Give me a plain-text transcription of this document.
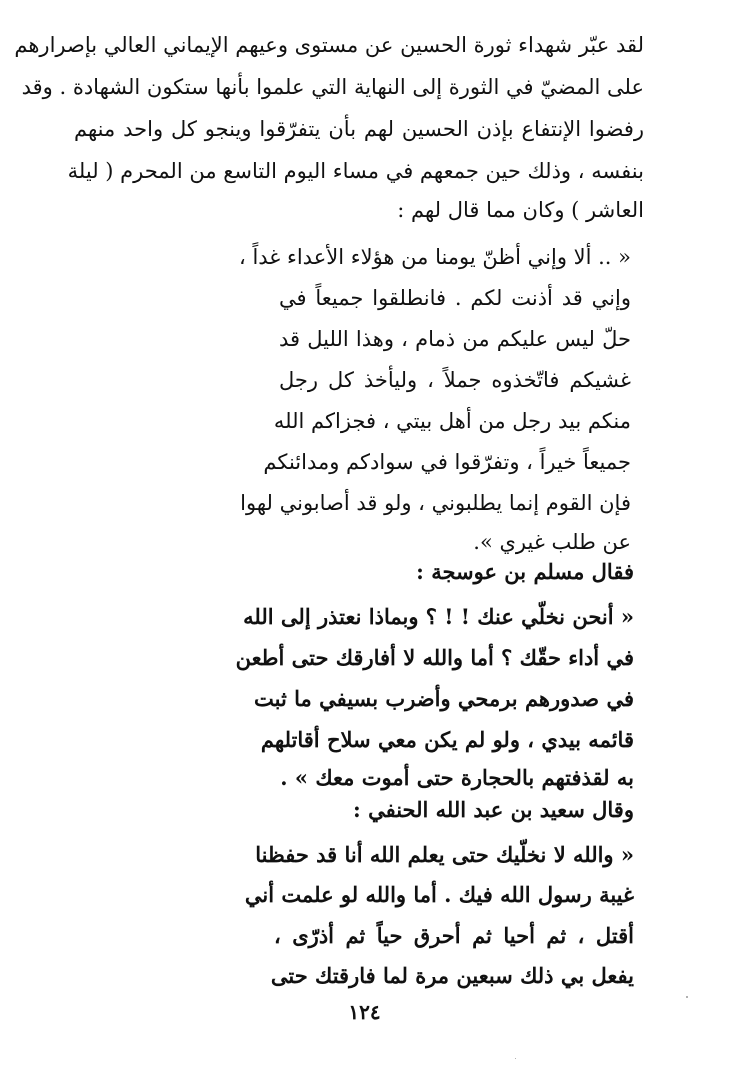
لقد عبّر شهداء ثورة الحسين عن مستوى وعيهم الإيماني العالي بإصرارهم
على المضيّ في الثورة إلى النهاية التي علموا بأنها ستكون الشهادة . وقد
رفضوا الإنتفاع بإذن الحسين لهم بأن يتفرّقوا وينجو كل واحد منهم
بنفسه ، وذلك حين جمعهم في مساء اليوم التاسع من المحرم ( ليلة
العاشر ) وكان مما قال لهم :
« .. ألا وإني أظنّ يومنا من هؤلاء الأعداء غداً ،
وإني قد أذنت لكم . فانطلقوا جميعاً في
حلّ ليس عليكم من ذمام ، وهذا الليل قد
غشيكم فاتّخذوه جملاً ، وليأخذ كل رجل
منكم بيد رجل من أهل بيتي ، فجزاكم الله
جميعاً خيراً ، وتفرّقوا في سوادكم ومدائنكم
فإن القوم إنما يطلبوني ، ولو قد أصابوني لهوا
عن طلب غيري ».
فقال مسلم بن عوسجة :
« أنحن نخلّي عنك ! ! ؟ وبماذا نعتذر إلى الله
في أداء حقّك ؟ أما والله لا أفارقك حتى أطعن
في صدورهم برمحي وأضرب بسيفي ما ثبت
قائمه بيدي ، ولو لم يكن معي سلاح أقاتلهم
به لقذفتهم بالحجارة حتى أموت معك » .
وقال سعيد بن عبد الله الحنفي :
« والله لا نخلّيك حتى يعلم الله أنا قد حفظنا
غيبة رسول الله فيك . أما والله لو علمت أني
أقتل ، ثم أحيا ثم أحرق حياً ثم أذرّى ،
يفعل بي ذلك سبعين مرة لما فارقتك حتى
١٢٤
